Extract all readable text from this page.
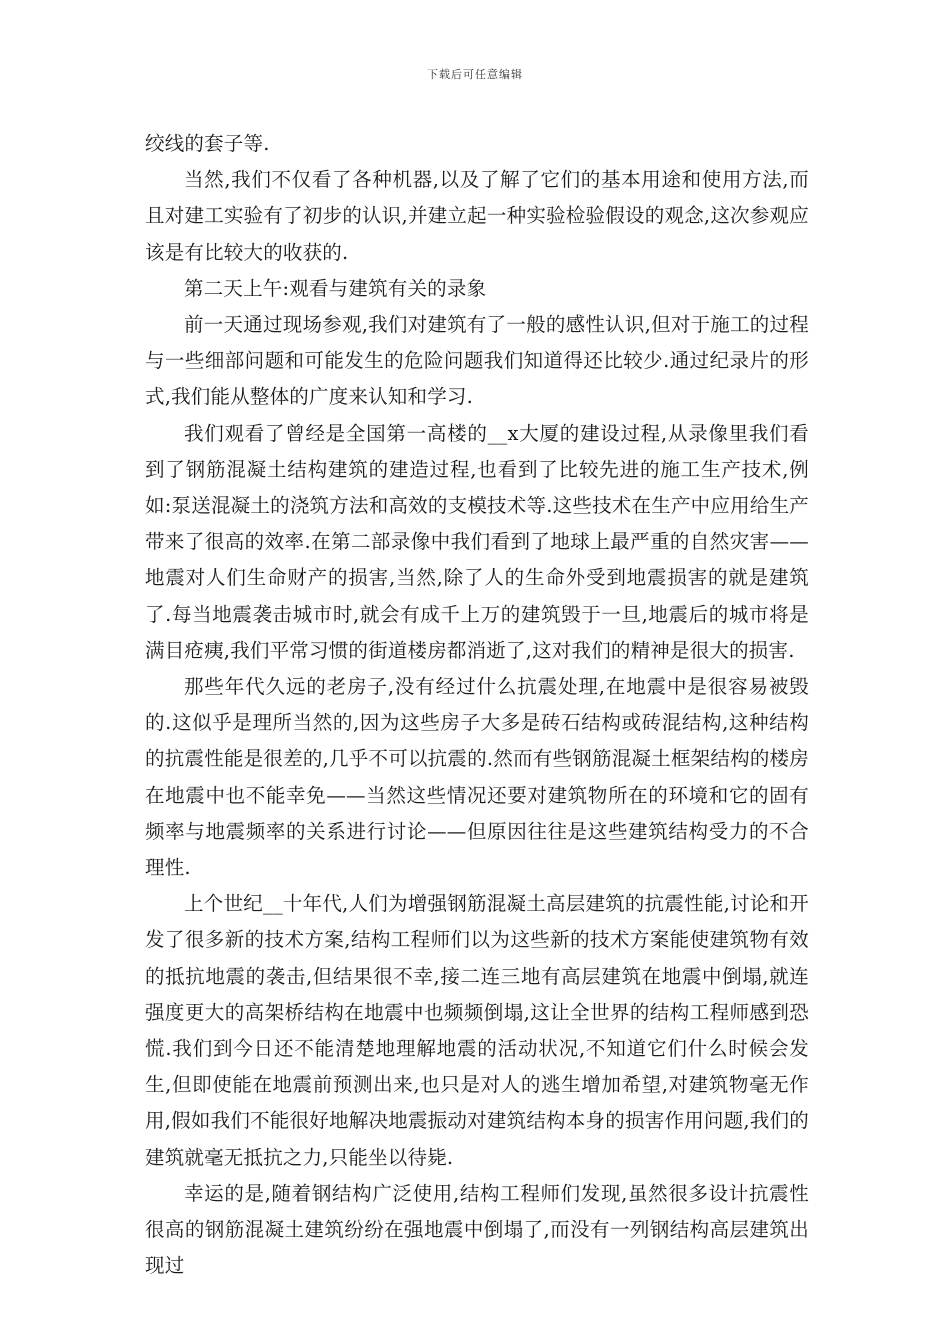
下载后可任意编辑

绞线的套子等.

当然,我们不仅看了各种机器,以及了解了它们的基本用途和使用方法,而且对建工实验有了初步的认识,并建立起一种实验检验假设的观念,这次参观应该是有比较大的收获的.

第二天上午:观看与建筑有关的录象

前一天通过现场参观,我们对建筑有了一般的感性认识,但对于施工的过程与一些细部问题和可能发生的危险问题我们知道得还比较少.通过纪录片的形式,我们能从整体的广度来认知和学习.

我们观看了曾经是全国第一高楼的__x大厦的建设过程,从录像里我们看到了钢筋混凝土结构建筑的建造过程,也看到了比较先进的施工生产技术,例如:泵送混凝土的浇筑方法和高效的支模技术等.这些技术在生产中应用给生产带来了很高的效率.在第二部录像中我们看到了地球上最严重的自然灾害——地震对人们生命财产的损害,当然,除了人的生命外受到地震损害的就是建筑了.每当地震袭击城市时,就会有成千上万的建筑毁于一旦,地震后的城市将是满目疮痍,我们平常习惯的街道楼房都消逝了,这对我们的精神是很大的损害.

那些年代久远的老房子,没有经过什么抗震处理,在地震中是很容易被毁的.这似乎是理所当然的,因为这些房子大多是砖石结构或砖混结构,这种结构的抗震性能是很差的,几乎不可以抗震的.然而有些钢筋混凝土框架结构的楼房在地震中也不能幸免——当然这些情况还要对建筑物所在的环境和它的固有频率与地震频率的关系进行讨论——但原因往往是这些建筑结构受力的不合理性.

上个世纪__十年代,人们为增强钢筋混凝土高层建筑的抗震性能,讨论和开发了很多新的技术方案,结构工程师们以为这些新的技术方案能使建筑物有效的抵抗地震的袭击,但结果很不幸,接二连三地有高层建筑在地震中倒塌,就连强度更大的高架桥结构在地震中也频频倒塌,这让全世界的结构工程师感到恐慌.我们到今日还不能清楚地理解地震的活动状况,不知道它们什么时候会发生,但即使能在地震前预测出来,也只是对人的逃生增加希望,对建筑物毫无作用,假如我们不能很好地解决地震振动对建筑结构本身的损害作用问题,我们的建筑就毫无抵抗之力,只能坐以待毙.

幸运的是,随着钢结构广泛使用,结构工程师们发现,虽然很多设计抗震性很高的钢筋混凝土建筑纷纷在强地震中倒塌了,而没有一列钢结构高层建筑出现过
